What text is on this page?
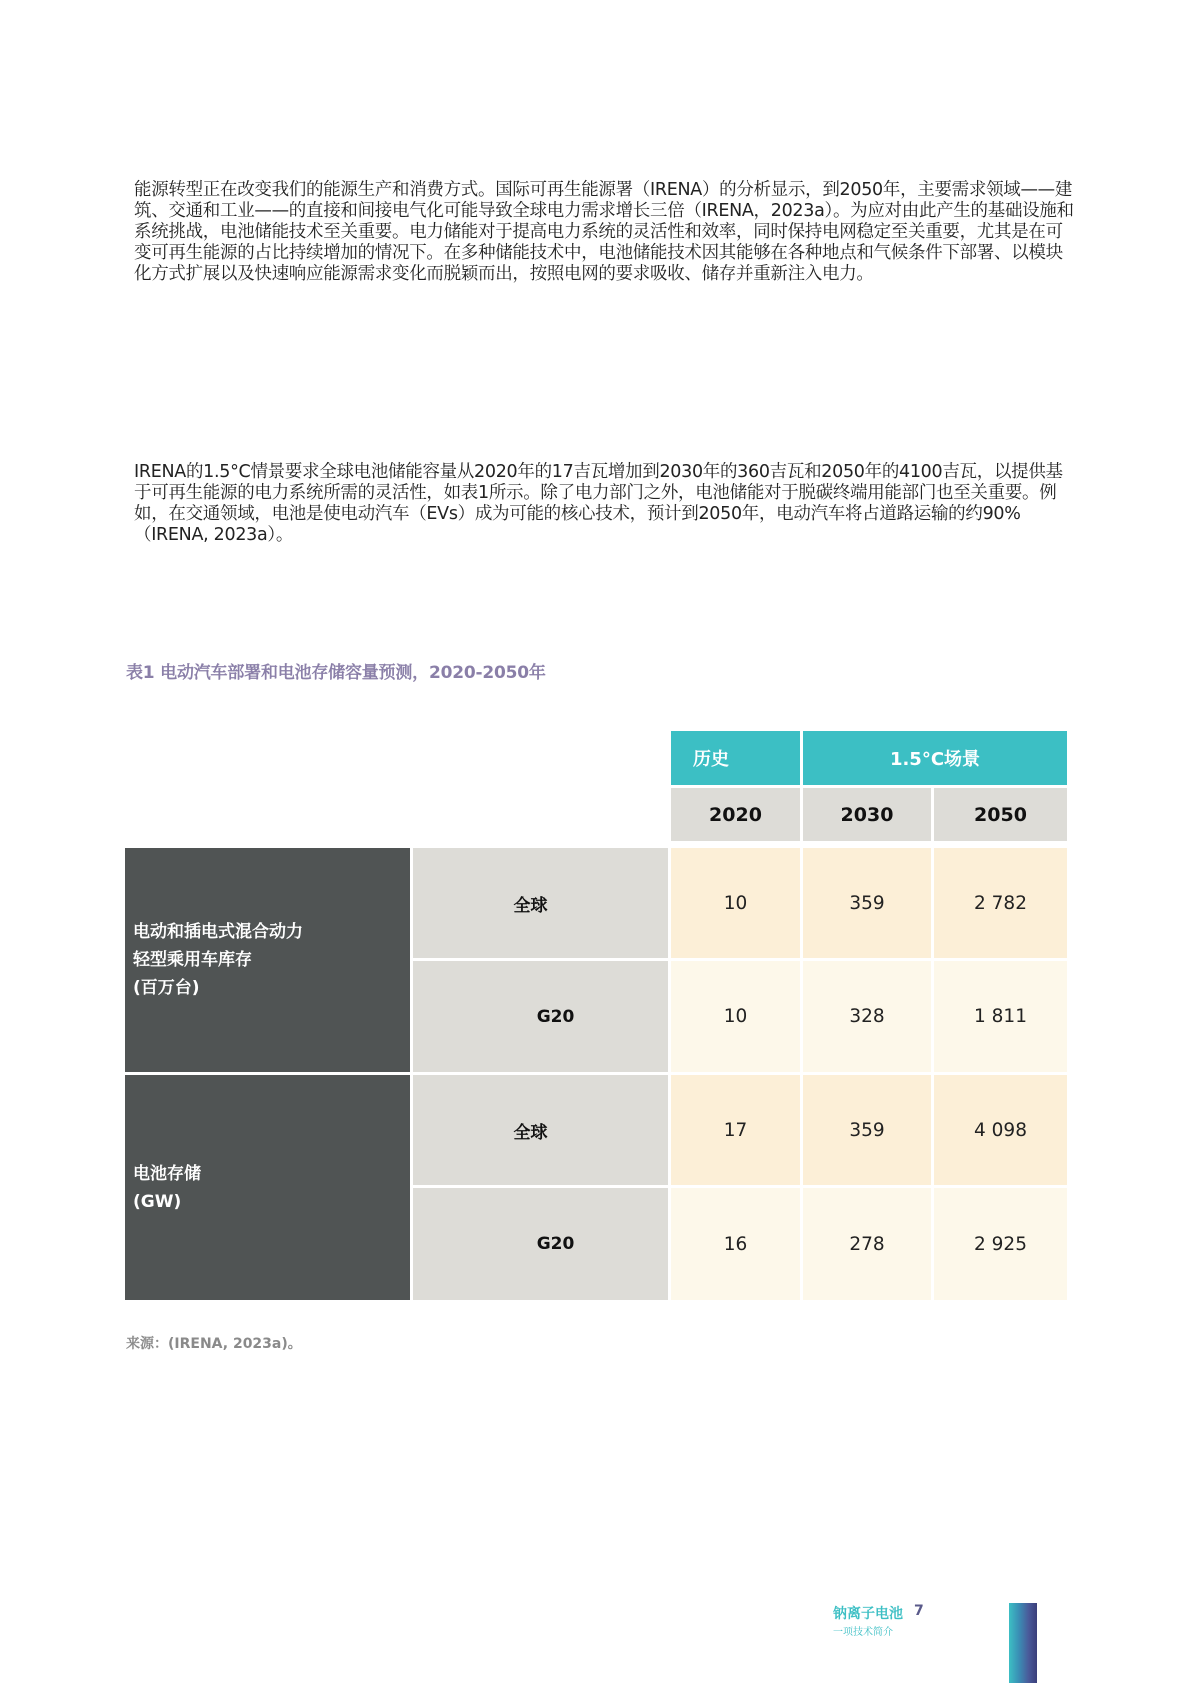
能源转型正在改变我们的能源生产和消费方式。国际可再生能源署（IRENA）的分析显示，到2050年，主要需求领域——建筑、交通和工业——的直接和间接电气化可能导致全球电力需求增长三倍（IRENA，2023a）。为应对由此产生的基础设施和系统挑战，电池储能技术至关重要。电力储能对于提高电力系统的灵活性和效率，同时保持电网稳定至关重要，尤其是在可变可再生能源的占比持续增加的情况下。在多种储能技术中，电池储能技术因其能够在各种地点和气候条件下部署、以模块化方式扩展以及快速响应能源需求变化而脱颖而出，按照电网的要求吸收、储存并重新注入电力。
IRENA的1.5°C情景要求全球电池储能容量从2020年的17吉瓦增加到2030年的360吉瓦和2050年的4100吉瓦，以提供基于可再生能源的电力系统所需的灵活性，如表1所示。除了电力部门之外，电池储能对于脱碳终端用能部门也至关重要。例如，在交通领域，电池是使电动汽车（EVs）成为可能的核心技术，预计到2050年，电动汽车将占道路运输的约90%（IRENA, 2023a）。
表1 电动汽车部署和电池存储容量预测，2020-2050年
历史	1.5°C场景
2020	2030	2050
电动和插电式混合动力
轻型乘用车库存
(百万台)
全球	10	359	2 782
G20	10	328	1 811
电池存储
(GW)
全球	17	359	4 098
G20	16	278	2 925
来源：(IRENA, 2023a)。
钠离子电池 7
一项技术简介
